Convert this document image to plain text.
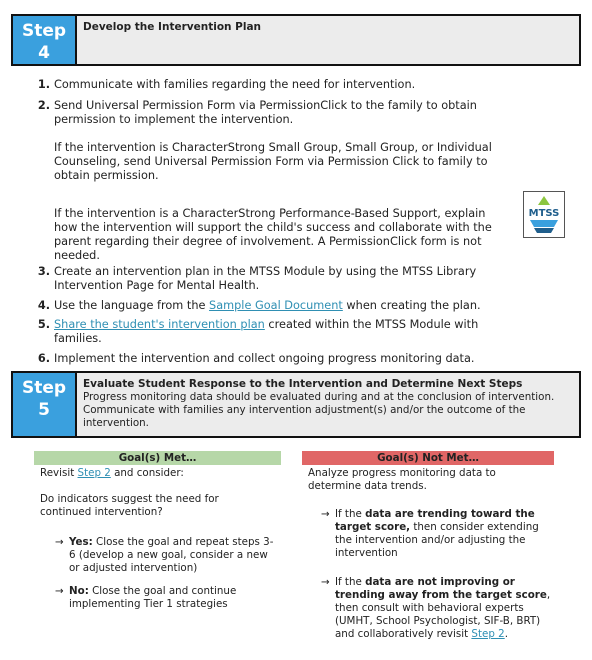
Step
4
Develop the Intervention Plan
1. Communicate with families regarding the need for intervention.
2. Send Universal Permission Form via PermissionClick to the family to obtain permission to implement the intervention.
If the intervention is CharacterStrong Small Group, Small Group, or Individual Counseling, send Universal Permission Form via Permission Click to family to obtain permission.
If the intervention is a CharacterStrong Performance-Based Support, explain how the intervention will support the child's success and collaborate with the parent regarding their degree of involvement. A PermissionClick form is not needed.
3. Create an intervention plan in the MTSS Module by using the MTSS Library Intervention Page for Mental Health.
4. Use the language from the Sample Goal Document when creating the plan.
5. Share the student's intervention plan created within the MTSS Module with families.
6. Implement the intervention and collect ongoing progress monitoring data.
MTSS
Step
5
Evaluate Student Response to the Intervention and Determine Next Steps
Progress monitoring data should be evaluated during and at the conclusion of intervention. Communicate with families any intervention adjustment(s) and/or the outcome of the intervention.
Goal(s) Met…
Revisit Step 2 and consider:
Do indicators suggest the need for continued intervention?
→ Yes: Close the goal and repeat steps 3-6 (develop a new goal, consider a new or adjusted intervention)
→ No: Close the goal and continue implementing Tier 1 strategies
Goal(s) Not Met…
Analyze progress monitoring data to determine data trends.
→ If the data are trending toward the target score, then consider extending the intervention and/or adjusting the intervention
→ If the data are not improving or trending away from the target score, then consult with behavioral experts (UMHT, School Psychologist, SIF-B, BRT) and collaboratively revisit Step 2.
